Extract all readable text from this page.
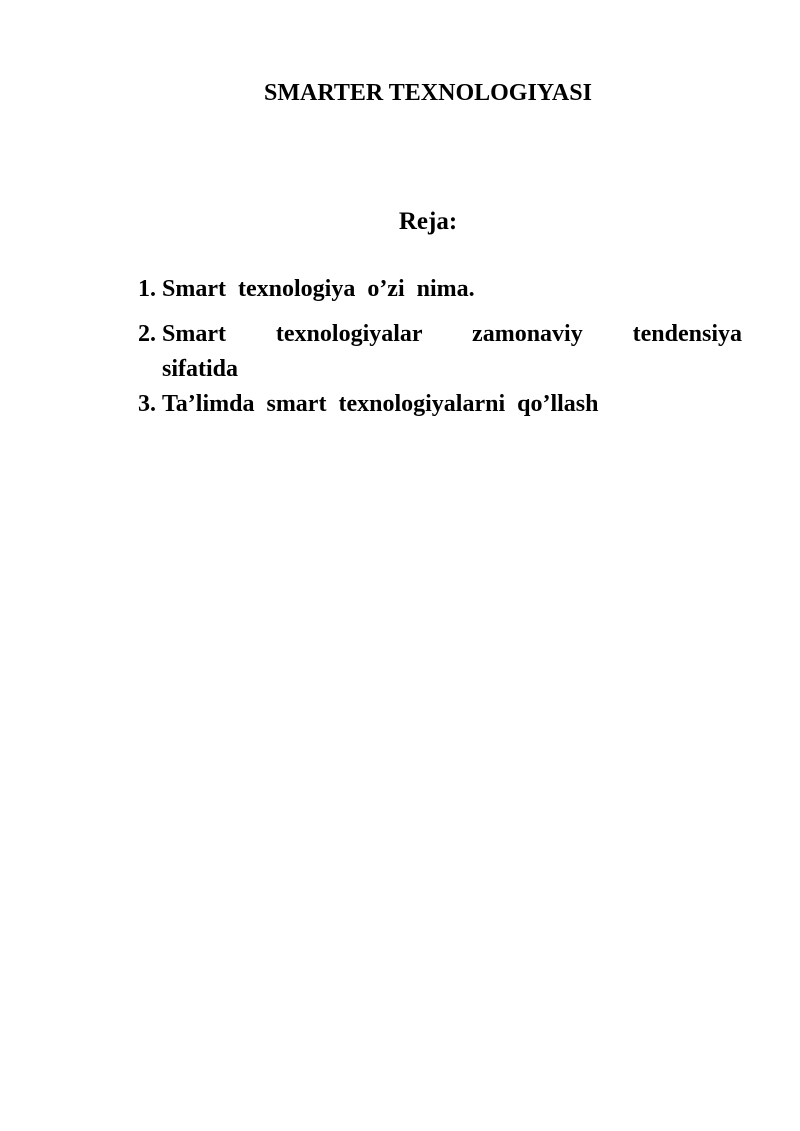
SMARTER TEXNOLOGIYASI
Reja:
1. Smart texnologiya o’zi nima.
2. Smart texnologiyalar zamonaviy tendensiya
sifatida
3. Ta’limda smart texnologiyalarni qo’llash
